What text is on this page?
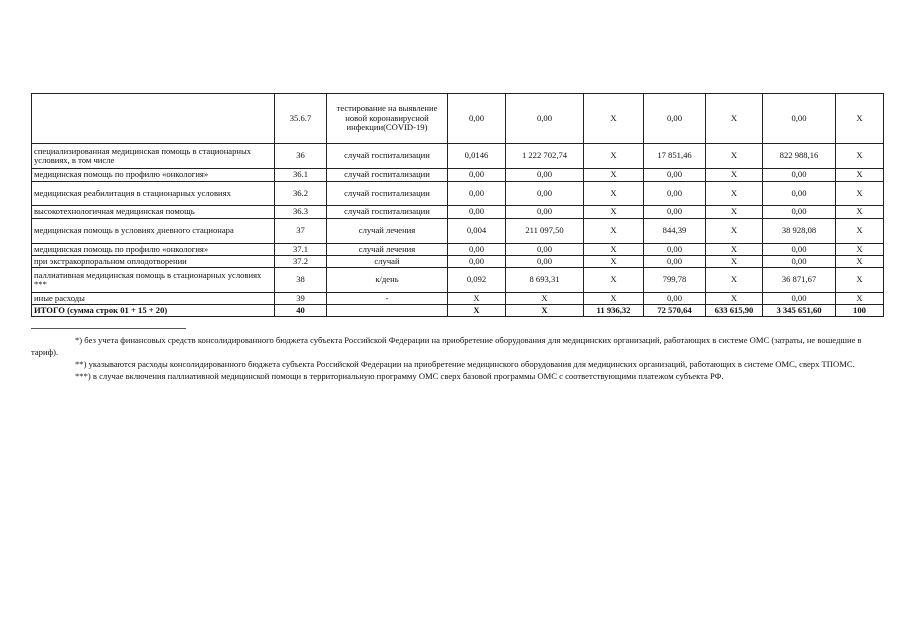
	35.6.7	тестирование на выявление новой коронавирусной инфекции(COVID-19)	0,00	0,00	X	0,00	X	0,00	X
специализированная медицинская помощь в стационарных условиях, в том числе	36	случай госпитализации	0,0146	1 222 702,74	X	17 851,46	X	822 988,16	X
медицинская помощь по профилю «онкология»	36.1	случай госпитализации	0,00	0,00	X	0,00	X	0,00	X
медицинская реабилитация в стационарных условиях	36.2	случай госпитализации	0,00	0,00	X	0,00	X	0,00	X
высокотехнологичная медицинская помощь	36.3	случай госпитализации	0,00	0,00	X	0,00	X	0,00	X
медицинская помощь в условиях дневного стационара	37	случай лечения	0,004	211 097,50	X	844,39	X	38 928,08	X
медицинская помощь по профилю «онкология»	37.1	случай лечения	0,00	0,00	X	0,00	X	0,00	X
при экстракорпоральном оплодотворении	37.2	случай	0,00	0,00	X	0,00	X	0,00	X
паллиативная медицинская помощь в стационарных условиях ***	38	к/день	0,092	8 693,31	X	799,78	X	36 871,67	X
иные расходы	39	-	X	X	X	0,00	X	0,00	X
ИТОГО (сумма строк 01 + 15 + 20)	40		X	X	11 936,32	72 570,64	633 615,90	3 345 651,60	100

*) без учета финансовых средств консолидированного бюджета субъекта Российской Федерации на приобретение оборудования для медицинских организаций, работающих в системе ОМС (затраты, не вошедшие в тариф).

**) указываются расходы консолидированного бюджета субъекта Российской Федерации на приобретение медицинского оборудования для медицинских организаций, работающих в системе ОМС, сверх ТПОМС.

***) в случае включения паллиативной медицинской помощи в территориальную программу ОМС сверх базовой программы ОМС с соответствующими платежом субъекта РФ.
